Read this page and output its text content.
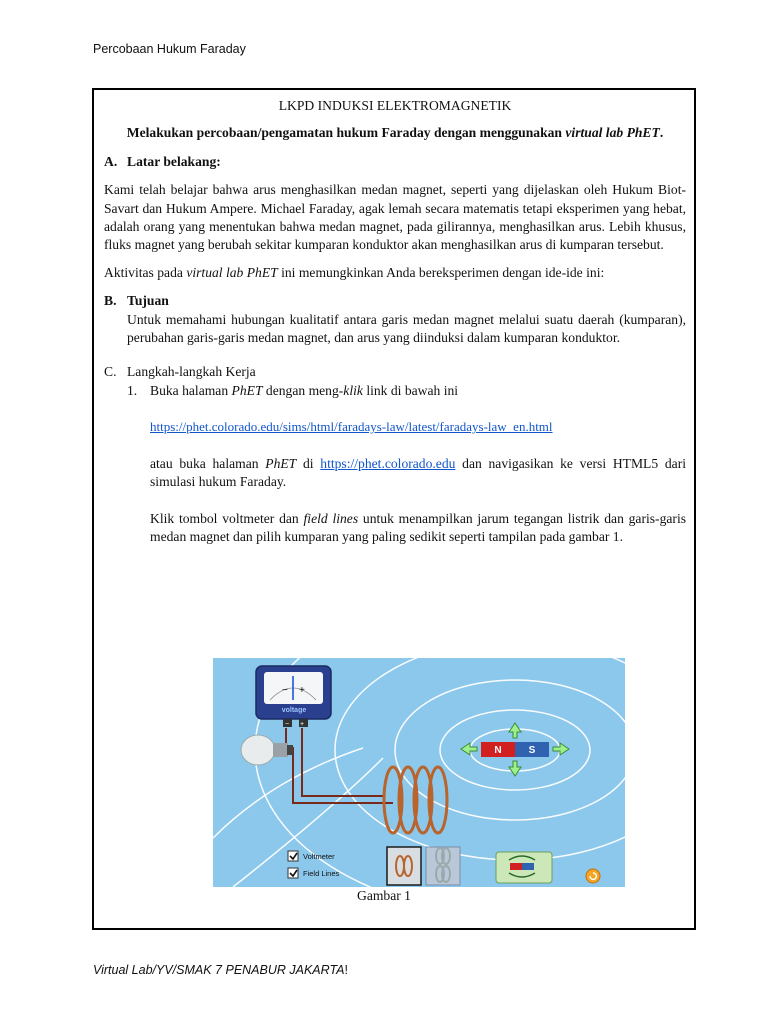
Percobaan Hukum Faraday

LKPD INDUKSI ELEKTROMAGNETIK

Melakukan percobaan/pengamatan hukum Faraday dengan menggunakan virtual lab PhET.

A. Latar belakang:

Kami telah belajar bahwa arus menghasilkan medan magnet, seperti yang dijelaskan oleh Hukum Biot-Savart dan Hukum Ampere. Michael Faraday, agak lemah secara matematis tetapi eksperimen yang hebat, adalah orang yang menentukan bahwa medan magnet, pada gilirannya, menghasilkan arus. Lebih khusus, fluks magnet yang berubah sekitar kumparan konduktor akan menghasilkan arus di kumparan tersebut.

Aktivitas pada virtual lab PhET ini memungkinkan Anda bereksperimen dengan ide-ide ini:

B. Tujuan

Untuk memahami hubungan kualitatif antara garis medan magnet melalui suatu daerah (kumparan), perubahan garis-garis medan magnet, dan arus yang diinduksi dalam kumparan konduktor.

C. Langkah-langkah Kerja
1. Buka halaman PhET dengan meng-klik link di bawah ini

https://phet.colorado.edu/sims/html/faradays-law/latest/faradays-law_en.html

atau buka halaman PhET di https://phet.colorado.edu dan navigasikan ke versi HTML5 dari simulasi hukum Faraday.

Klik tombol voltmeter dan field lines untuk menampilkan jarum tegangan listrik dan garis-garis medan magnet dan pilih kumparan yang paling sedikit seperti tampilan pada gambar 1.

− +
voltage
− +
N	S
Voltmeter
Field Lines
Gambar 1
Virtual Lab/YV/SMAK 7 PENABUR JAKARTA!
